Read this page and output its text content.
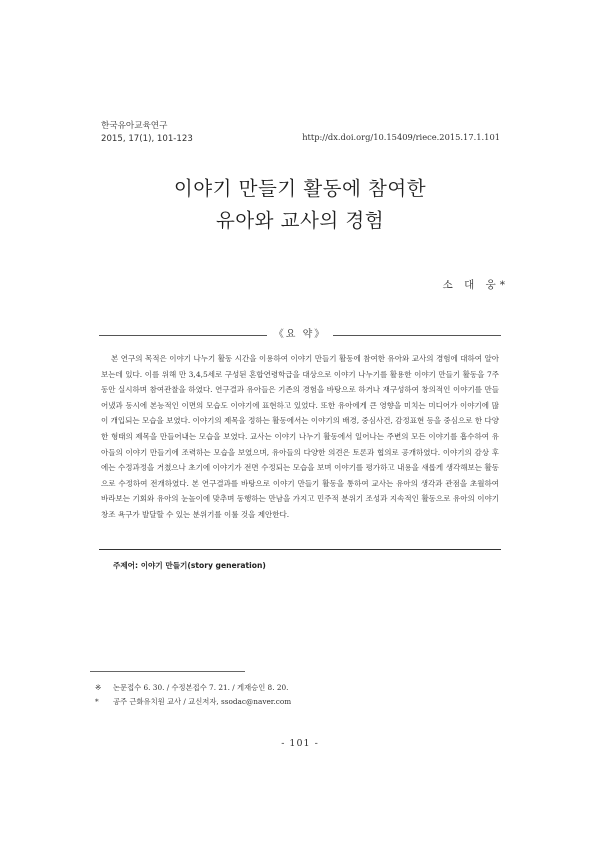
한국유아교육연구
2015, 17(1), 101-123	http://dx.doi.org/10.15409/riece.2015.17.1.101
이야기 만들기 활동에 참여한
유아와 교사의 경험
소 대 웅*
《요 약》
본 연구의 목적은 이야기 나누기 활동 시간을 이용하여 이야기 만들기 활동에 참여한 유아와 교사의 경험에 대하여 알아보는데 있다. 이를 위해 만 3,4,5세로 구성된 혼합연령학급을 대상으로 이야기 나누기를 활용한 이야기 만들기 활동을 7주 동안 실시하며 참여관찰을 하였다. 연구결과 유아들은 기존의 경험을 바탕으로 하거나 재구성하여 창의적인 이야기를 만들어냈과 동시에 본능적인 이면의 모습도 이야기에 표현하고 있었다. 또한 유아에게 큰 영향을 미치는 미디어가 이야기에 많이 개입되는 모습을 보였다. 이야기의 제목을 정하는 활동에서는 이야기의 배경, 중심사건, 감정표현 등을 중심으로 한 다양한 형태의 제목을 만들어내는 모습을 보였다. 교사는 이야기 나누기 활동에서 일어나는 주변의 모든 이야기를 흡수하여 유아들의 이야기 만들기에 조력하는 모습을 보였으며, 유아들의 다양한 의견은 토론과 협의로 공개하였다. 이야기의 감상 후에는 수정과정을 거쳤으나 초기에 이야기가 전면 수정되는 모습을 보며 이야기를 평가하고 내용을 새롭게 생각해보는 활동으로 수정하여 전개하였다. 본 연구결과를 바탕으로 이야기 만들기 활동을 통하여 교사는 유아의 생각과 관점을 초월하여 바라보는 기회와 유아의 눈높이에 맞추며 동행하는 만남을 가지고 민주적 분위기 조성과 지속적인 활동으로 유아의 이야기 창조 욕구가 발달할 수 있는 분위기를 이룰 것을 제안한다.
주제어: 이야기 만들기(story generation)
※ 논문접수 6. 30. / 수정본접수 7. 21. / 게재승인 8. 20.
* 공주 근화유치원 교사 / 교신저자, ssodac@naver.com
- 101 -
